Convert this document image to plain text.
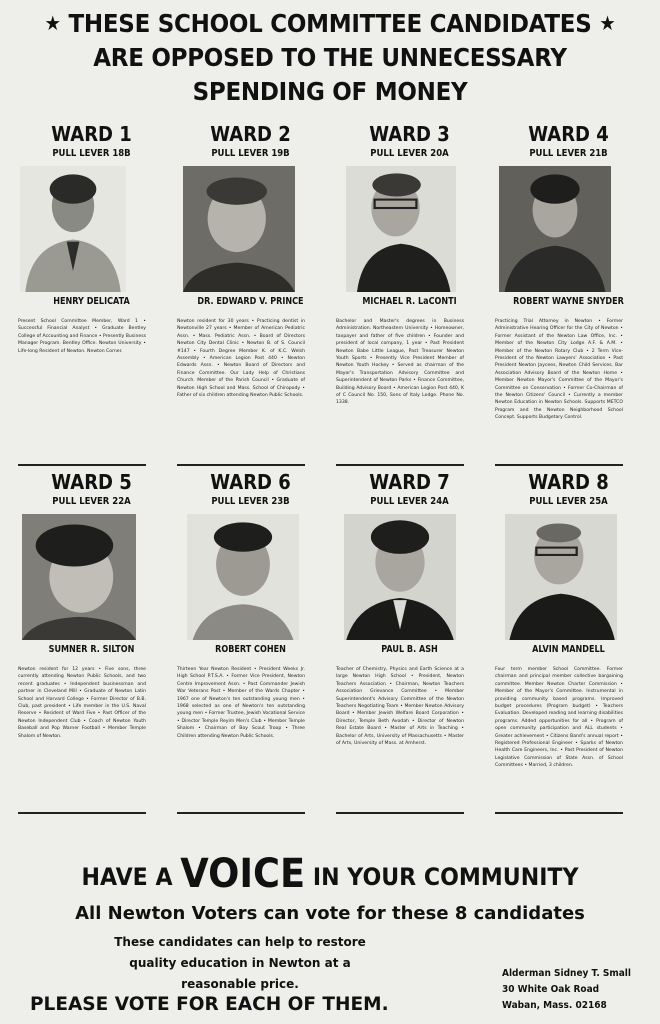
★ THESE SCHOOL COMMITTEE CANDIDATES ★
ARE OPPOSED TO THE UNNECESSARY
SPENDING OF MONEY
WARD 1
PULL LEVER 18B
HENRY DELICATA
Present School Committee Member, Ward 1 • Successful Financial Analyst • Graduate Bentley College of Accounting and Finance • Presently Business Manager Program. Bentley Office. Newton University • Life-long Resident of Newton. Newton Corner.
WARD 2
PULL LEVER 19B
DR. EDWARD V. PRINCE
Newton resident for 30 years • Practicing dentist in Newtonville 27 years • Member of American Pediatric Assn. • Mass. Pediatric Assn. • Board of Directors Newton City Dental Clinic • Newton B. of S. Council #147 • Fourth Degree Member K. of K.C. Welsh Assembly • American Legion Post 440 • Newton Edwards Assn. • Newton Board of Directors and Finance Committee. Our Lady Help of Christians Church. Member of the Parish Council • Graduate of Newton High School and Mass. School of Chiropody • Father of six children attending Newton Public Schools.
WARD 3
PULL LEVER 20A
MICHAEL R. LaCONTI
Bachelor and Master's degrees in Business Administration. Northeastern University • Homeowner, taxpayer and father of five children • Founder and president of local company, 1 year • Past President Newton Babe Little League, Past Treasurer Newton Youth Sports • Presently Vice President Member of Newton Youth Hockey • Served as chairman of the Mayor's Transportation Advisory Committee and Superintendent of Newton Parks • Finance Committee, Building Advisory Board • American Legion Post 440, K of C Council No. 150, Sons of Italy Lodge. Phone No. 1338.
WARD 4
PULL LEVER 21B
ROBERT WAYNE SNYDER
Practicing Trial Attorney in Newton • Former Administrative Hearing Officer for the City of Newton • Former Assistant of the Newton Law Office, Inc. • Member of the Newton City Lodge A.F. & A.M. • Member of the Newton Rotary Club • 2 Term Vice-President of the Newton Lawyers' Association • Past President Newton Jaycees, Newton Child Services. Bar Association Advisory Board of the Newton Home • Member Newton Mayor's Committee of the Mayor's Committee on Conservation • Former Co-Chairman of the Newton Citizens' Council • Currently a member Newton Education in Newton Schools. Supports METCO Program and the Newton Neighborhood School Concept. Supports Budgetary Control.
WARD 5
PULL LEVER 22A
SUMNER R. SILTON
Newton resident for 12 years • Five sons, three currently attending Newton Public Schools, and two recent graduates • Independent businessman and partner in Cleveland Mill • Graduate of Newton Latin School and Harvard College • Former Director of B.B. Club, past president • Life member in the U.S. Naval Reserve • Resident of Ward Five • Past Officer of the Newton Independent Club • Coach of Newton Youth Baseball and Pop Warner Football • Member Temple Shalom of Newton.
WARD 6
PULL LEVER 23B
ROBERT COHEN
Thirteen Year Newton Resident • President Weeks Jr. High School P.T.S.A. • Former Vice President, Newton Centre Improvement Assn. • Past Commander Jewish War Veterans Post • Member of the Wards Chapter • 1967 one of Newton's ten outstanding young men • 1968 selected as one of Newton's ten outstanding young men • Former Trustee, Jewish Vocational Service • Director Temple Reyim Men's Club • Member Temple Shalom • Chairman of Boy Scout Troop • Three Children attending Newton Public Schools.
WARD 7
PULL LEVER 24A
PAUL B. ASH
Teacher of Chemistry, Physics and Earth Science at a large Newton High School • President, Newton Teachers Association • Chairman, Newton Teachers Association Grievance Committee • Member Superintendent's Advisory Committee of the Newton Teachers Negotiating Team • Member Newton Advisory Board • Member Jewish Welfare Board Corporation • Director, Temple Beth Avodah • Director of Newton Real Estate Board • Master of Arts in Teaching • Bachelor of Arts, University of Massachusetts • Master of Arts, University of Mass. at Amherst.
WARD 8
PULL LEVER 25A
ALVIN MANDELL
Four term member School Committee. Former chairman and principal member collective bargaining committee. Member Newton Charter Commission • Member of the Mayor's Committee. Instrumental in providing community based programs. Improved budget procedures (Program budget) • Teachers Evaluation. Developed reading and learning disabilities programs. Added opportunities for all • Program of open community participation and ALL students • Greater achievement • Citizens Band's annual report • Registered Professional Engineer • Sparks of Newton Health Care Engineers, Inc. • Past President of Newton Legislative Commission of State Assn. of School Committees • Married, 3 children.
HAVE A VOICE IN YOUR COMMUNITY
All Newton Voters can vote for these 8 candidates
These candidates can help to restore
quality education in Newton at a
reasonable price.
PLEASE VOTE FOR EACH OF THEM.
Alderman Sidney T. Small
30 White Oak Road
Waban, Mass. 02168
